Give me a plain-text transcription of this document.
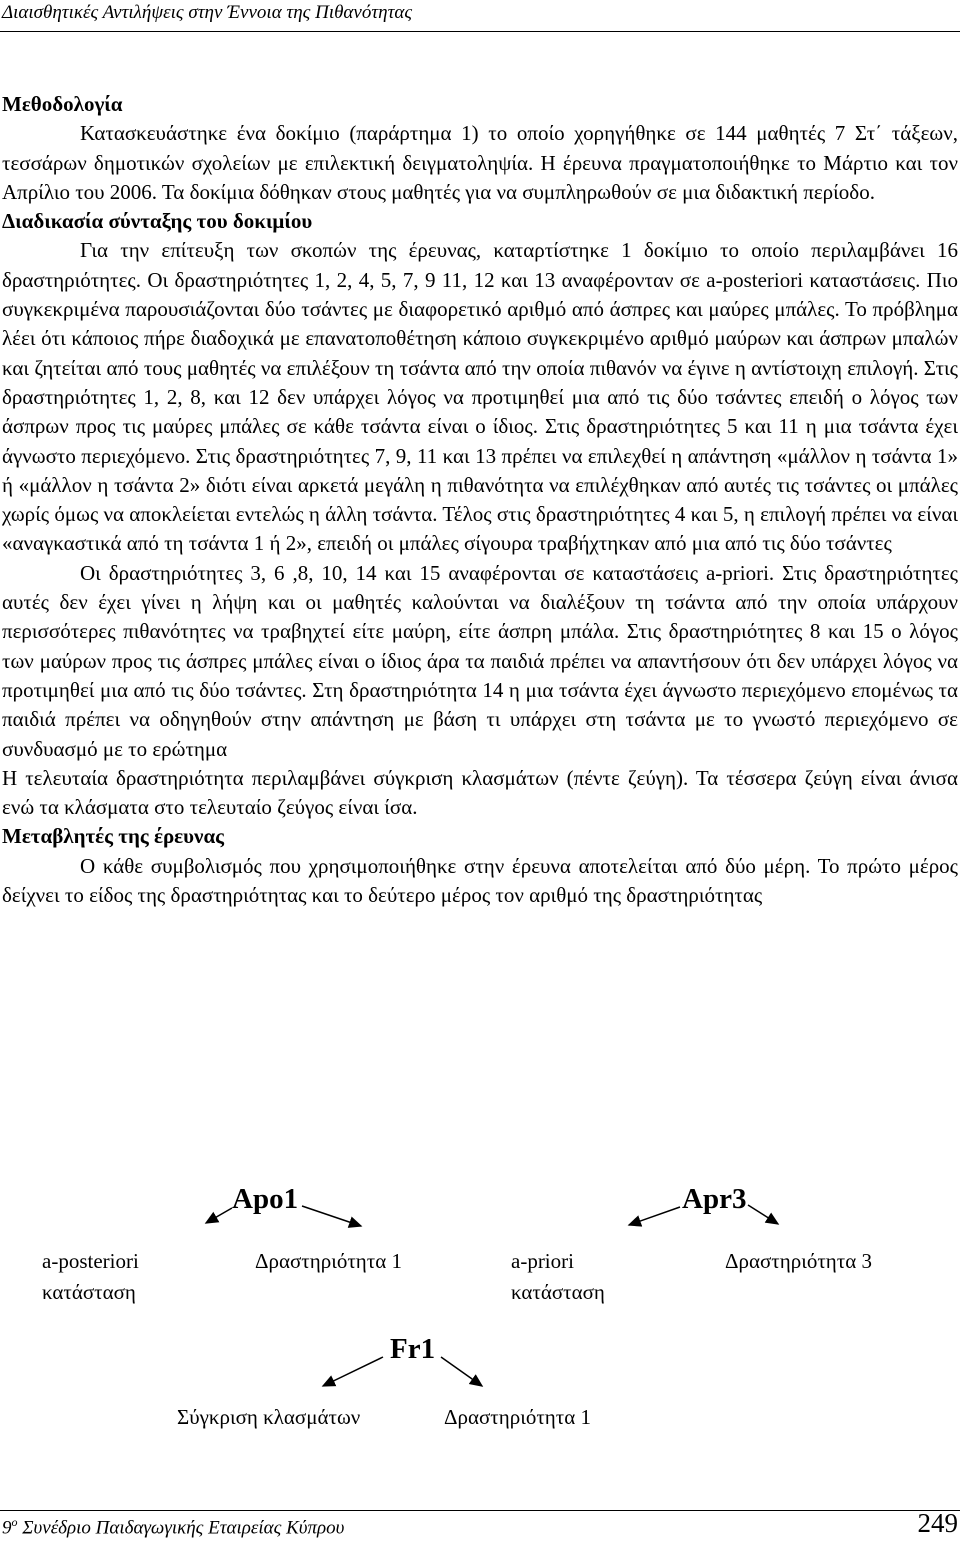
Διαισθητικές Αντιλήψεις στην Έννοια της Πιθανότητας

Μεθοδολογία

Κατασκευάστηκε ένα δοκίμιο (παράρτημα 1) το οποίο χορηγήθηκε σε 144 μαθητές 7 Στ΄ τάξεων, τεσσάρων δημοτικών σχολείων με επιλεκτική δειγματοληψία. Η έρευνα πραγματοποιήθηκε το Μάρτιο και τον Απρίλιο του 2006. Τα δοκίμια δόθηκαν στους μαθητές για να συμπληρωθούν σε μια διδακτική περίοδο.

Διαδικασία σύνταξης του δοκιμίου

Για την επίτευξη των σκοπών της έρευνας, καταρτίστηκε 1 δοκίμιο το οποίο περιλαμβάνει 16 δραστηριότητες. Οι δραστηριότητες 1, 2, 4, 5, 7, 9 11, 12 και 13 αναφέρονταν σε a-posteriori καταστάσεις. Πιο συγκεκριμένα παρουσιάζονται δύο τσάντες με διαφορετικό αριθμό από άσπρες και μαύρες μπάλες. Το πρόβλημα λέει ότι κάποιος πήρε διαδοχικά με επανατοποθέτηση κάποιο συγκεκριμένο αριθμό μαύρων και άσπρων μπαλών και ζητείται από τους μαθητές να επιλέξουν τη τσάντα από την οποία πιθανόν να έγινε η αντίστοιχη επιλογή. Στις δραστηριότητες 1, 2, 8, και 12 δεν υπάρχει λόγος να προτιμηθεί μια από τις δύο τσάντες επειδή ο λόγος των άσπρων προς τις μαύρες μπάλες σε κάθε τσάντα είναι ο ίδιος. Στις δραστηριότητες 5 και 11 η μια τσάντα έχει άγνωστο περιεχόμενο. Στις δραστηριότητες 7, 9, 11 και 13 πρέπει να επιλεχθεί η απάντηση «μάλλον η τσάντα 1» ή «μάλλον η τσάντα 2» διότι είναι αρκετά μεγάλη η πιθανότητα να επιλέχθηκαν από αυτές τις τσάντες οι μπάλες χωρίς όμως να αποκλείεται εντελώς η άλλη τσάντα. Τέλος στις δραστηριότητες 4 και 5, η επιλογή πρέπει να είναι «αναγκαστικά από τη τσάντα 1 ή 2», επειδή οι μπάλες σίγουρα τραβήχτηκαν από μια από τις δύο τσάντες

Οι δραστηριότητες 3, 6 ,8, 10, 14 και 15 αναφέρονται σε καταστάσεις a-priori. Στις δραστηριότητες αυτές δεν έχει γίνει η λήψη και οι μαθητές καλούνται να διαλέξουν τη τσάντα από την οποία υπάρχουν περισσότερες πιθανότητες να τραβηχτεί είτε μαύρη, είτε άσπρη μπάλα. Στις δραστηριότητες 8 και 15 ο λόγος των μαύρων προς τις άσπρες μπάλες είναι ο ίδιος άρα τα παιδιά πρέπει να απαντήσουν ότι δεν υπάρχει λόγος να προτιμηθεί μια από τις δύο τσάντες. Στη δραστηριότητα 14 η μια τσάντα έχει άγνωστο περιεχόμενο επομένως τα παιδιά πρέπει να οδηγηθούν στην απάντηση με βάση τι υπάρχει στη τσάντα με το γνωστό περιεχόμενο σε συνδυασμό με το ερώτημα

Η τελευταία δραστηριότητα περιλαμβάνει σύγκριση κλασμάτων (πέντε ζεύγη). Τα τέσσερα ζεύγη είναι άνισα ενώ τα κλάσματα στο τελευταίο ζεύγος είναι ίσα.

Μεταβλητές της έρευνας

Ο κάθε συμβολισμός που χρησιμοποιήθηκε στην έρευνα αποτελείται από δύο μέρη. Το πρώτο μέρος δείχνει το είδος της δραστηριότητας και το δεύτερο μέρος τον αριθμό της δραστηριότητας

Apo1	Apr3
a-posteriori
κατάσταση
Δραστηριότητα 1	a-priori
κατάσταση
Δραστηριότητα 3
Fr1
Σύγκριση κλασμάτων	Δραστηριότητα 1
$9^o$ Συνέδριο Παιδαγωγικής Εταιρείας Κύπρου	249
